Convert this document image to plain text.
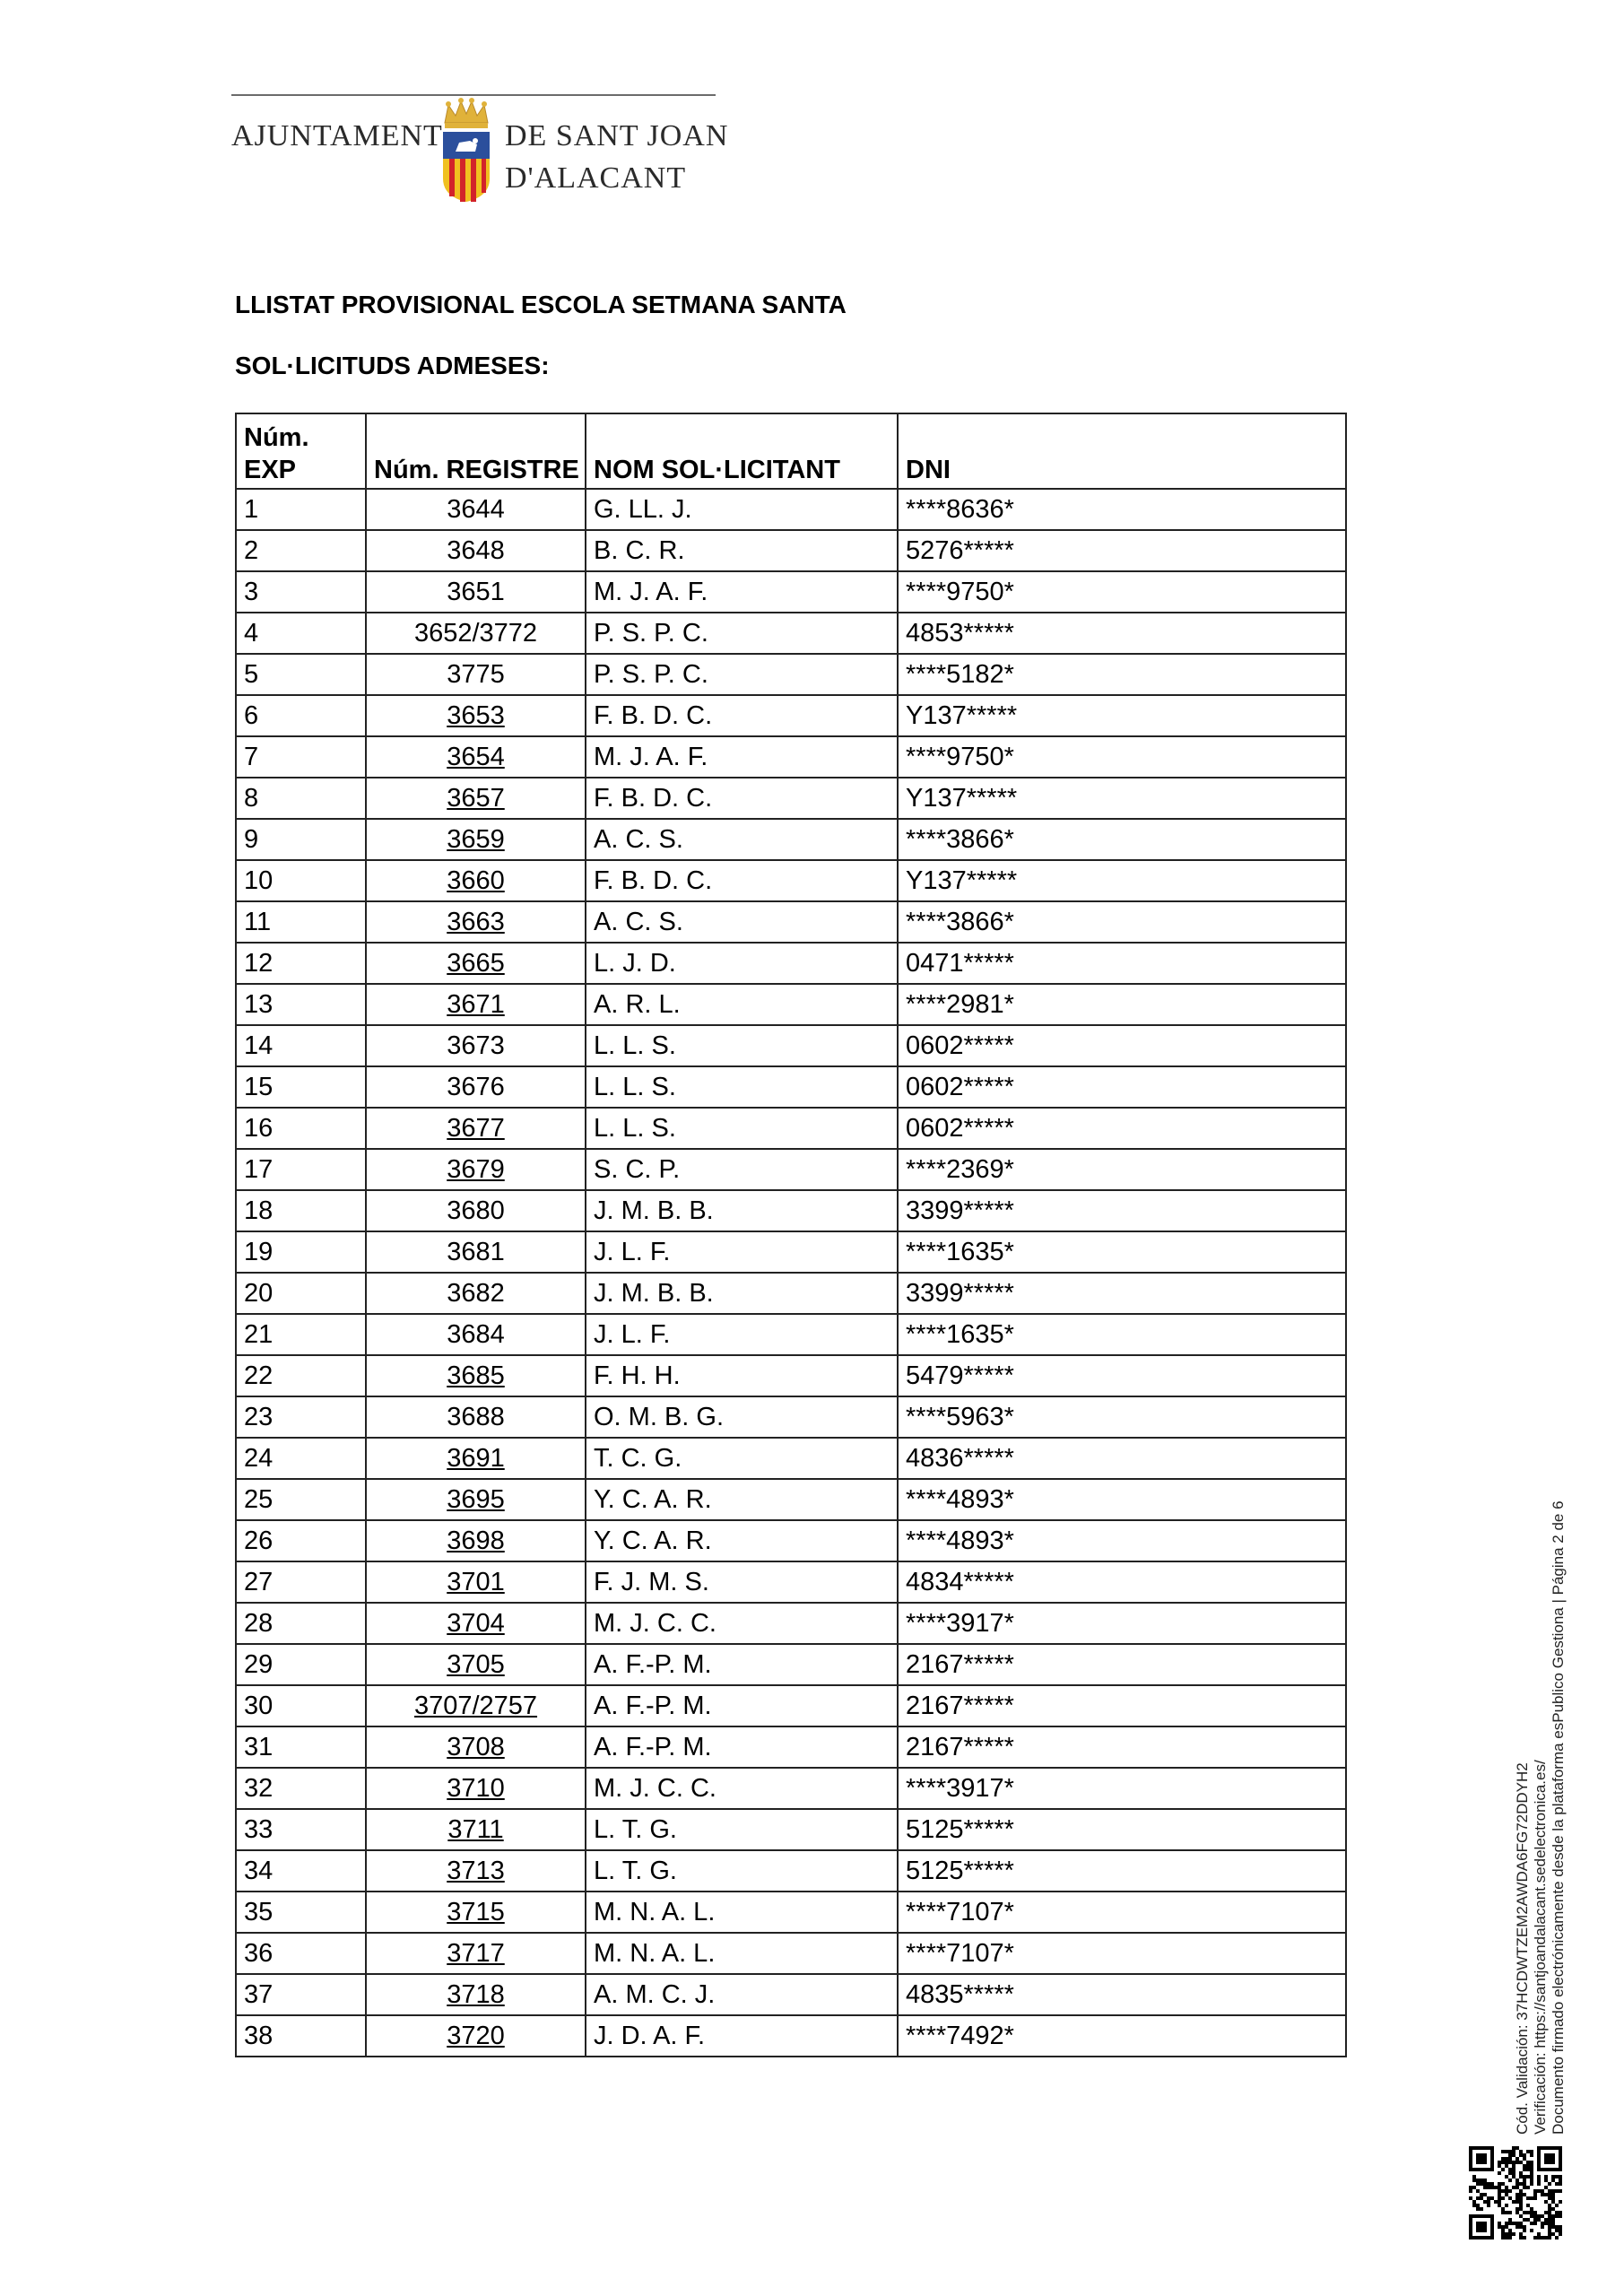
AJUNTAMENT DE SANT JOAN
D'ALACANT
LLISTAT PROVISIONAL ESCOLA SETMANA SANTA
SOL·LICITUDS ADMESES:
Núm.
EXP	Núm. REGISTRE	NOM SOL·LICITANT	DNI
1	3644	G. LL. J.	****8636*
2	3648	B. C. R.	5276*****
3	3651	M. J. A. F.	****9750*
4	3652/3772	P. S. P. C.	4853*****
5	3775	P. S. P. C.	****5182*
6	3653	F. B. D. C.	Y137*****
7	3654	M. J. A. F.	****9750*
8	3657	F. B. D. C.	Y137*****
9	3659	A. C. S.	****3866*
10	3660	F. B. D. C.	Y137*****
11	3663	A. C. S.	****3866*
12	3665	L. J. D.	0471*****
13	3671	A. R. L.	****2981*
14	3673	L. L. S.	0602*****
15	3676	L. L. S.	0602*****
16	3677	L. L. S.	0602*****
17	3679	S. C. P.	****2369*
18	3680	J. M. B. B.	3399*****
19	3681	J. L. F.	****1635*
20	3682	J. M. B. B.	3399*****
21	3684	J. L. F.	****1635*
22	3685	F. H. H.	5479*****
23	3688	O. M. B. G.	****5963*
24	3691	T. C. G.	4836*****
25	3695	Y. C. A. R.	****4893*
26	3698	Y. C. A. R.	****4893*
27	3701	F. J. M. S.	4834*****
28	3704	M. J. C. C.	****3917*
29	3705	A. F.-P. M.	2167*****
30	3707/2757	A. F.-P. M.	2167*****
31	3708	A. F.-P. M.	2167*****
32	3710	M. J. C. C.	****3917*
33	3711	L. T. G.	5125*****
34	3713	L. T. G.	5125*****
35	3715	M. N. A. L.	****7107*
36	3717	M. N. A. L.	****7107*
37	3718	A. M. C. J.	4835*****
38	3720	J. D. A. F.	****7492*	Cód. Validación: 37HCDWTZEM2AWDA6FG72DDYH2 Verificación: https://santjoandalacant.sedelectronica.es/ Documento firmado electrónicamente desde la plataforma esPublico Gestiona | Página 2 de 6
